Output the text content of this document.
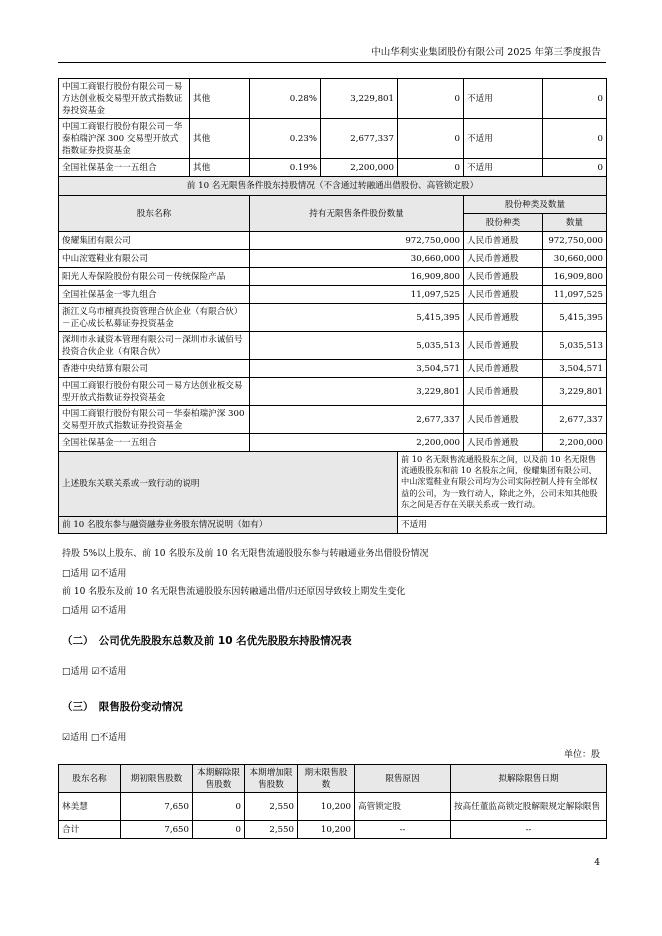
中山华利实业集团股份有限公司 2025 年第三季度报告
中国工商银行股份有限公司－易方达创业板交易型开放式指数证券投资基金	其他	0.28%	3,229,801	0	不适用	0
中国工商银行股份有限公司－华泰柏瑞沪深 300 交易型开放式指数证券投资基金	其他	0.23%	2,677,337	0	不适用	0
全国社保基金一一五组合	其他	0.19%	2,200,000	0	不适用	0
前 10 名无限售条件股东持股情况（不含通过转融通出借股份、高管锁定股）						
股东名称		持有无限售条件股份数量			股份种类及数量	
					股份种类	数量
俊耀集团有限公司		972,750,000			人民币普通股	972,750,000
中山浤霆鞋业有限公司		30,660,000			人民币普通股	30,660,000
阳光人寿保险股份有限公司－传统保险产品		16,909,800			人民币普通股	16,909,800
全国社保基金一零九组合		11,097,525			人民币普通股	11,097,525
浙江义乌市檀真投资管理合伙企业（有限合伙）－正心成长私募证券投资基金		5,415,395			人民币普通股	5,415,395
深圳市永诚资本管理有限公司－深圳市永诚佰号投资合伙企业（有限合伙）		5,035,513			人民币普通股	5,035,513
香港中央结算有限公司		3,504,571			人民币普通股	3,504,571
中国工商银行股份有限公司－易方达创业板交易型开放式指数证券投资基金		3,229,801			人民币普通股	3,229,801
中国工商银行股份有限公司－华泰柏瑞沪深 300 交易型开放式指数证券投资基金		2,677,337			人民币普通股	2,677,337
全国社保基金一一五组合		2,200,000			人民币普通股	2,200,000
上述股东关联关系或一致行动的说明				前 10 名无限售流通股股东之间，以及前 10 名无限售流通股股东和前 10 名股东之间，俊耀集团有限公司、中山浤霆鞋业有限公司均为公司实际控制人持有全部权益的公司，为一致行动人，除此之外，公司未知其他股东之间是否存在关联关系或一致行动。		
前 10 名股东参与融资融券业务股东情况说明（如有）				不适用		
持股 5%以上股东、前 10 名股东及前 10 名无限售流通股股东参与转融通业务出借股份情况
□适用 ☑不适用
前 10 名股东及前 10 名无限售流通股股东因转融通出借/归还原因导致较上期发生变化
□适用 ☑不适用
（二）　公司优先股股东总数及前 10 名优先股股东持股情况表
□适用 ☑不适用
（三）　限售股份变动情况
☑适用 □不适用
单位：股
股东名称	期初限售股数	本期解除限售股数	本期增加限售股数	期末限售股数	限售原因	拟解除限售日期
林美慧	7,650	0	2,550	10,200	高管锁定股	按高任董监高锁定股解限规定解除限售
合计	7,650	0	2,550	10,200	--	--
4
